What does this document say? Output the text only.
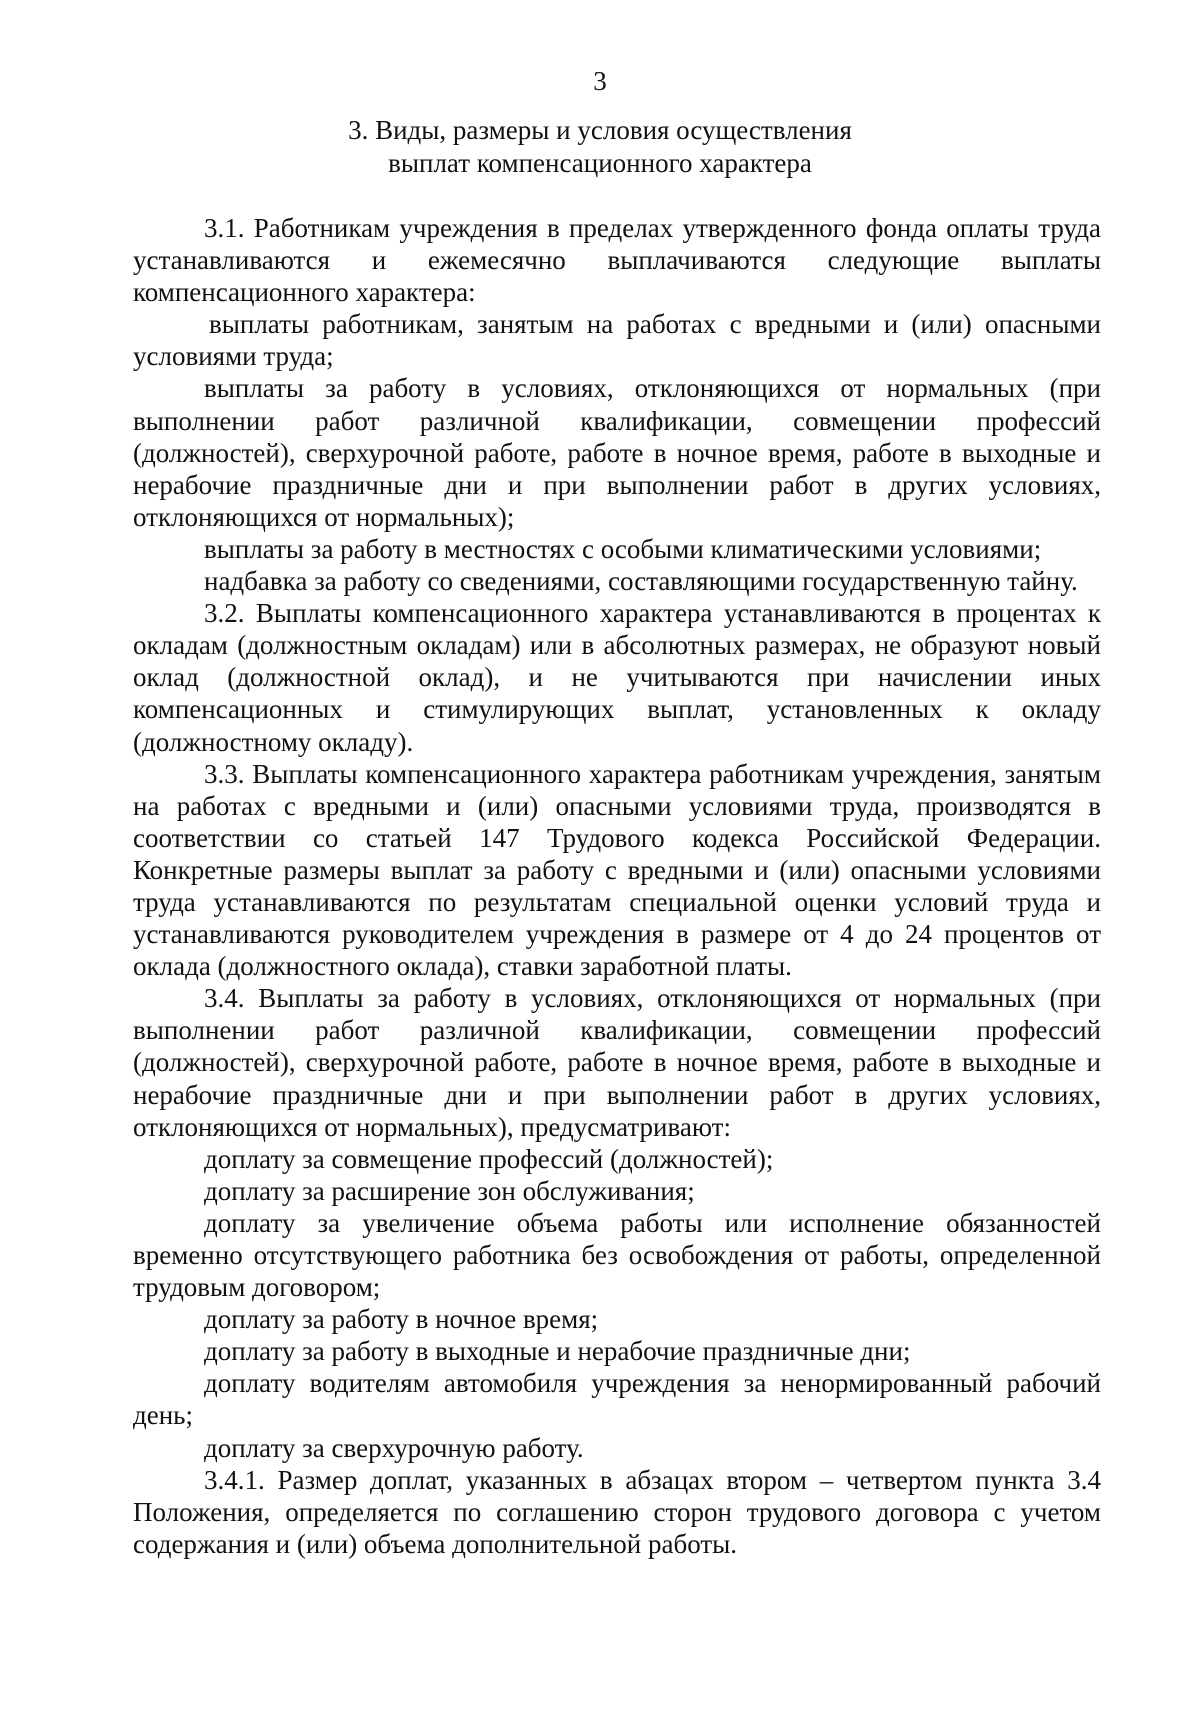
3
3. Виды, размеры и условия осуществления
выплат компенсационного характера

3.1. Работникам учреждения в пределах утвержденного фонда оплаты труда устанавливаются и ежемесячно выплачиваются следующие выплаты компенсационного характера:

выплаты работникам, занятым на работах с вредными и (или) опасными условиями труда;

выплаты за работу в условиях, отклоняющихся от нормальных (при выполнении работ различной квалификации, совмещении профессий (должностей), сверхурочной работе, работе в ночное время, работе в выходные и нерабочие праздничные дни и при выполнении работ в других условиях, отклоняющихся от нормальных);

выплаты за работу в местностях с особыми климатическими условиями;

надбавка за работу со сведениями, составляющими государственную тайну.

3.2. Выплаты компенсационного характера устанавливаются в процентах к окладам (должностным окладам) или в абсолютных размерах, не образуют новый оклад (должностной оклад), и не учитываются при начислении иных компенсационных и стимулирующих выплат, установленных к окладу (должностному окладу).

3.3. Выплаты компенсационного характера работникам учреждения, занятым на работах с вредными и (или) опасными условиями труда, производятся в соответствии со статьей 147 Трудового кодекса Российской Федерации. Конкретные размеры выплат за работу с вредными и (или) опасными условиями труда устанавливаются по результатам специальной оценки условий труда и устанавливаются руководителем учреждения в размере от 4 до 24 процентов от оклада (должностного оклада), ставки заработной платы.

3.4. Выплаты за работу в условиях, отклоняющихся от нормальных (при выполнении работ различной квалификации, совмещении профессий (должностей), сверхурочной работе, работе в ночное время, работе в выходные и нерабочие праздничные дни и при выполнении работ в других условиях, отклоняющихся от нормальных), предусматривают:

доплату за совмещение профессий (должностей);

доплату за расширение зон обслуживания;

доплату за увеличение объема работы или исполнение обязанностей временно отсутствующего работника без освобождения от работы, определенной трудовым договором;

доплату за работу в ночное время;

доплату за работу в выходные и нерабочие праздничные дни;

доплату водителям автомобиля учреждения за ненормированный рабочий день;

доплату за сверхурочную работу.

3.4.1. Размер доплат, указанных в абзацах втором – четвертом пункта 3.4 Положения, определяется по соглашению сторон трудового договора с учетом содержания и (или) объема дополнительной работы.
